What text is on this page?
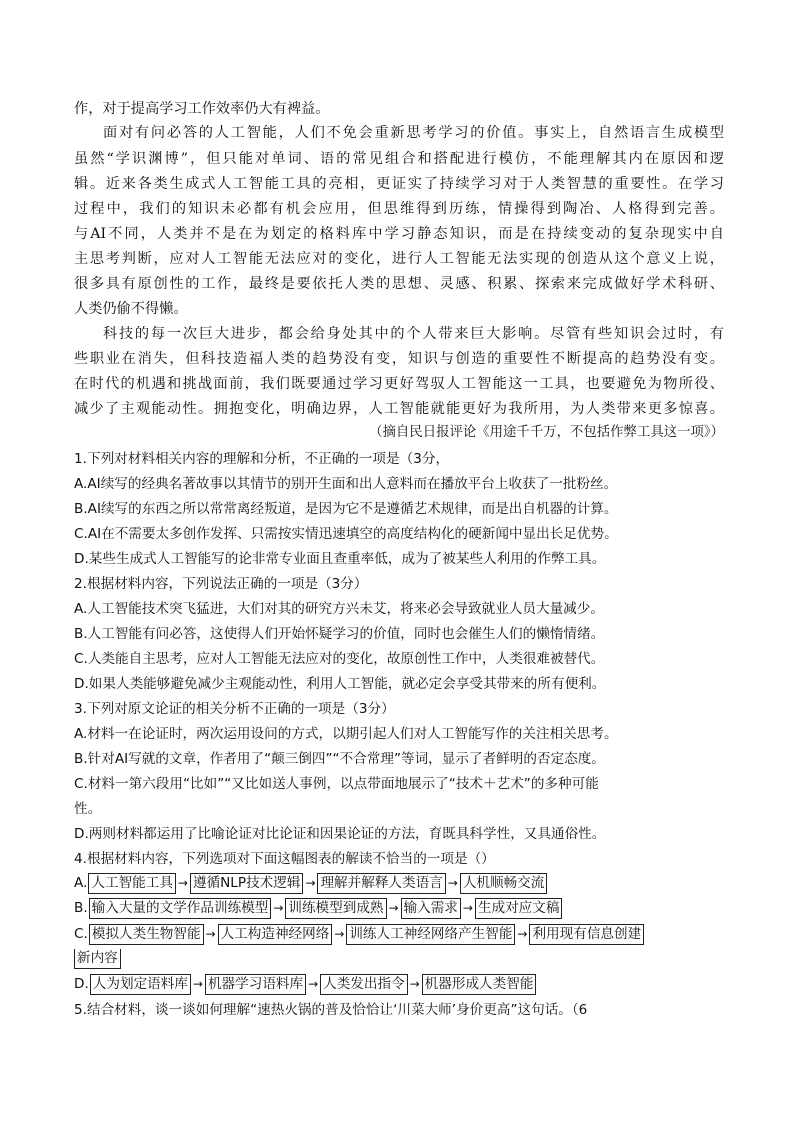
作，对于提高学习工作效率仍大有裨益。
面对有问必答的人工智能，人们不免会重新思考学习的价值。事实上，自然语言生成模型
虽然“学识渊博”，但只能对单词、语的常见组合和搭配进行模仿，不能理解其内在原因和逻
辑。近来各类生成式人工智能工具的亮相，更证实了持续学习对于人类智慧的重要性。在学习
过程中，我们的知识未必都有机会应用，但思维得到历练，情操得到陶冶、人格得到完善。
与AI不同，人类并不是在为划定的格料库中学习静态知识，而是在持续变动的复杂现实中自
主思考判断，应对人工智能无法应对的变化，进行人工智能无法实现的创造从这个意义上说，
很多具有原创性的工作，最终是要依托人类的思想、灵感、积累、探索来完成做好学术科研、
人类仍偷不得懒。
科技的每一次巨大进步，都会给身处其中的个人带来巨大影响。尽管有些知识会过时，有
些职业在消失，但科技造福人类的趋势没有变，知识与创造的重要性不断提高的趋势没有变。
在时代的机遇和挑战面前，我们既要通过学习更好驾驭人工智能这一工具，也要避免为物所役、
减少了主观能动性。拥抱变化，明确边界，人工智能就能更好为我所用，为人类带来更多惊喜。
（摘自民日报评论《用途千千万，不包括作弊工具这一项》）
1.下列对材料相关内容的理解和分析，不正确的一项是（3分，
A.AI续写的经典名著故事以其情节的别开生面和出人意料而在播放平台上收获了一批粉丝。
B.AI续写的东西之所以常常离经叛道，是因为它不是遵循艺术规律，而是出自机器的计算。
C.AI在不需要太多创作发挥、只需按实情迅速填空的高度结构化的硬新闻中显出长足优势。
D.某些生成式人工智能写的论非常专业面且查重率低，成为了被某些人利用的作弊工具。
2.根据材料内容，下列说法正确的一项是（3分）
A.人工智能技术突飞猛进，大们对其的研究方兴未艾，将来必会导致就业人员大量减少。
B.人工智能有问必答，这使得人们开始怀疑学习的价值，同时也会催生人们的懒惰情绪。
C.人类能自主思考，应对人工智能无法应对的变化，故原创性工作中，人类很难被替代。
D.如果人类能够避免减少主观能动性，利用人工智能，就必定会享受其带来的所有便利。
3.下列对原文论证的相关分析不正确的一项是（3分）
A.材料一在论证时，两次运用设问的方式，以期引起人们对人工智能写作的关注相关思考。
B.针对AI写就的文章，作者用了“颠三倒四”“不合常理”等词，显示了者鲜明的否定态度。
C.材料一第六段用“比如”“又比如送人事例，以点带面地展示了“技术＋艺术”的多种可能
性。
D.两则材料都运用了比喻论证对比论证和因果论证的方法，育既具科学性，又具通俗性。
4.根据材料内容，下列选项对下面这幅图表的解读不恰当的一项是（）
A. 人工智能工具 → 遵循NLP技术逻辑 → 理解并解释人类语言 → 人机顺畅交流
B. 输入大量的文学作品训练模型 → 训练模型到成熟 → 输入需求 → 生成对应文稿
C. 模拟人类生物智能 → 人工构造神经网络 → 训练人工神经网络产生智能 → 利用现有信息创建
新内容
D. 人为划定语料库 → 机器学习语料库 → 人类发出指令 → 机器形成人类智能
5.结合材料，谈一谈如何理解“速热火锅的普及恰恰让‘川菜大师’身价更高”这句话。（6
